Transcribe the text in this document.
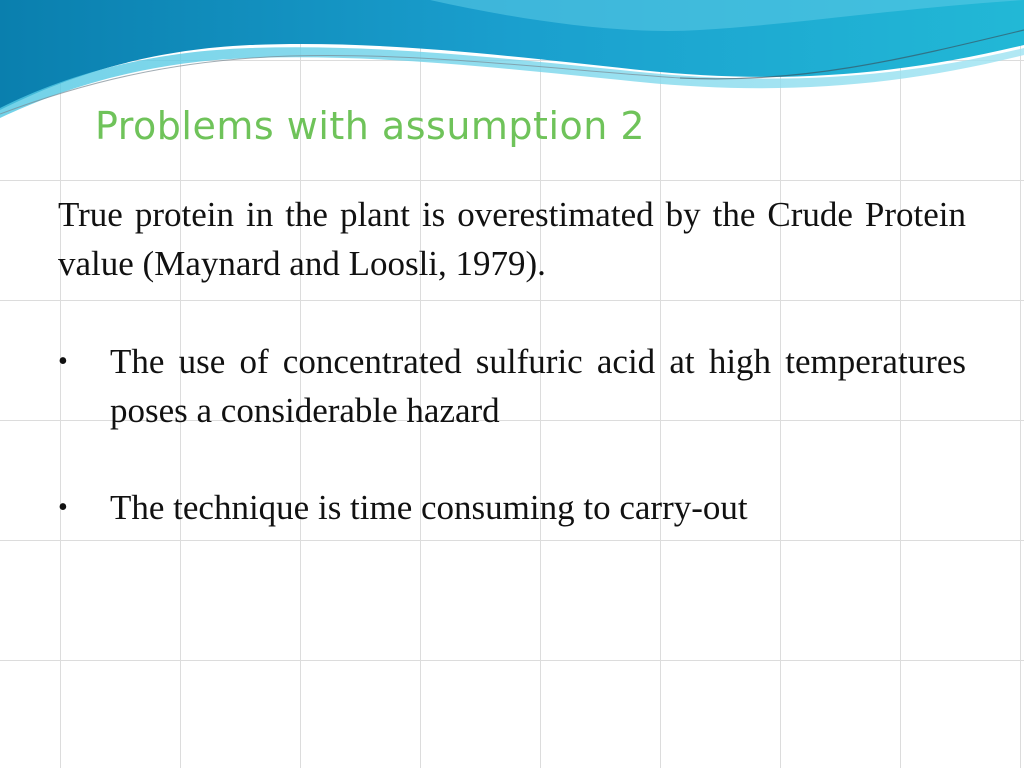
Problems with assumption 2

True protein in the plant is overestimated by the Crude Protein value (Maynard and Loosli, 1979).

• The use of concentrated sulfuric acid at high temperatures poses a considerable hazard
• The technique is time consuming to carry-out
